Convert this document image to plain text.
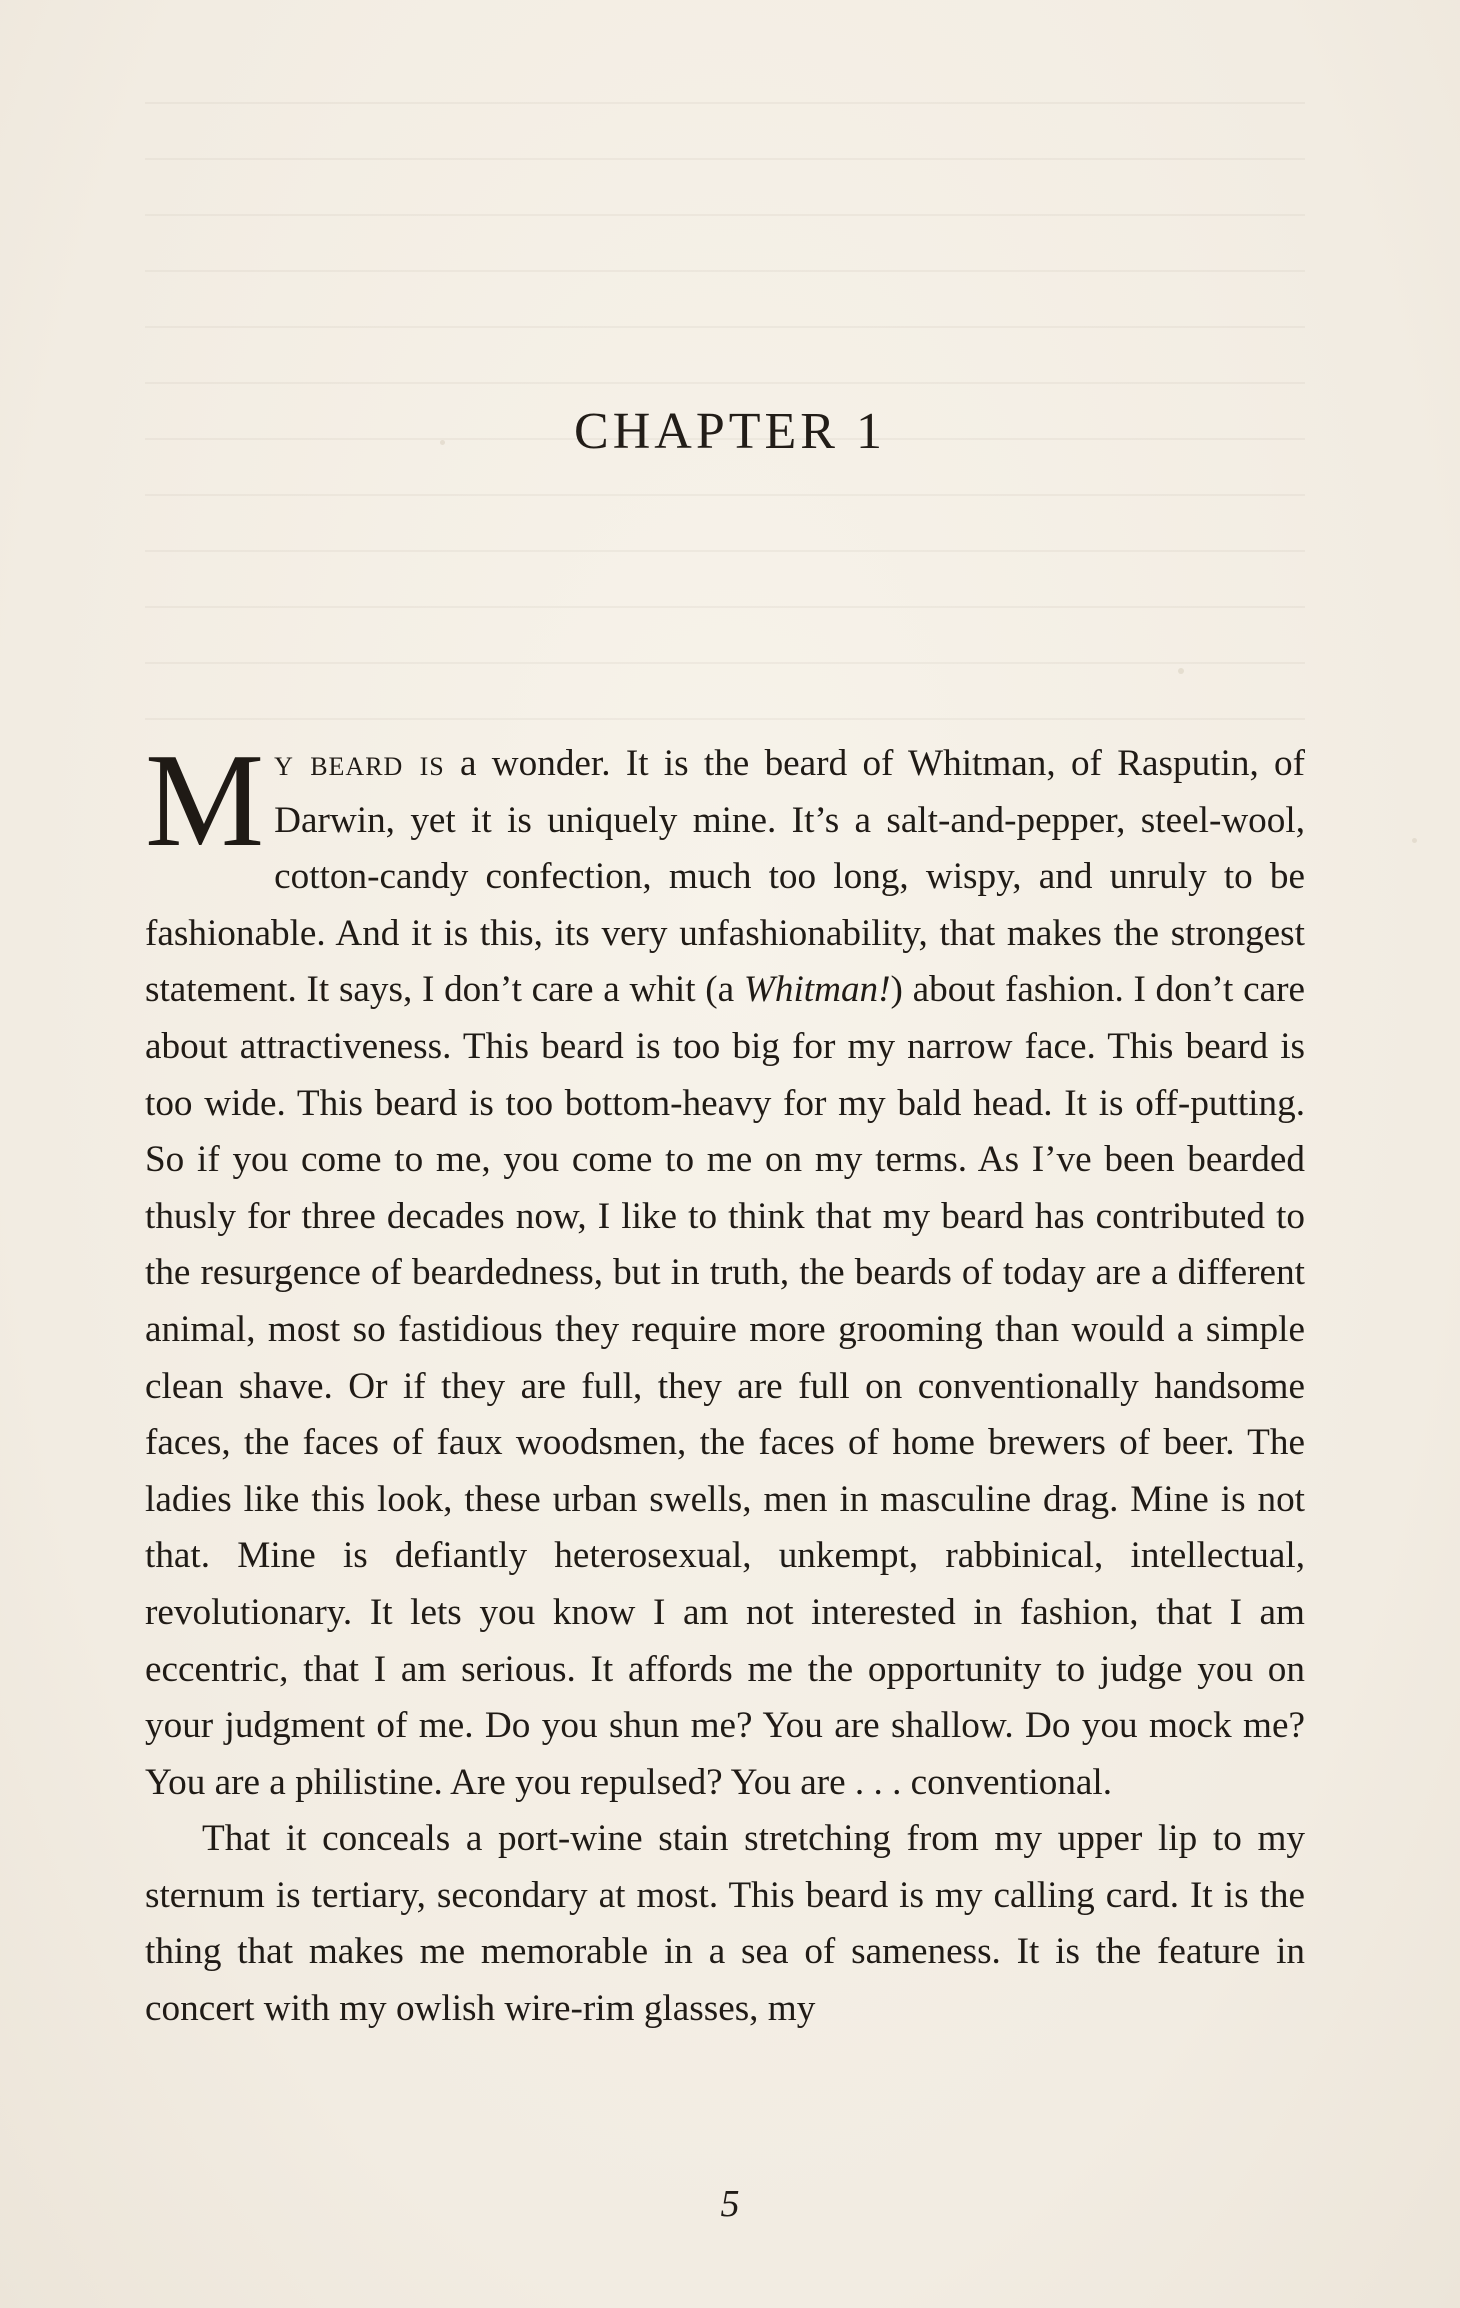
CHAPTER 1

My beard is a wonder. It is the beard of Whitman, of Rasputin, of Darwin, yet it is uniquely mine. It’s a salt-and-pepper, steel-wool, cotton-candy confection, much too long, wispy, and unruly to be fashionable. And it is this, its very unfashionability, that makes the strongest statement. It says, I don’t care a whit (a Whitman!) about fashion. I don’t care about attractiveness. This beard is too big for my narrow face. This beard is too wide. This beard is too bottom-heavy for my bald head. It is off-putting. So if you come to me, you come to me on my terms. As I’ve been bearded thusly for three decades now, I like to think that my beard has contributed to the resurgence of beardedness, but in truth, the beards of today are a different animal, most so fastidious they require more grooming than would a simple clean shave. Or if they are full, they are full on conventionally handsome faces, the faces of faux woodsmen, the faces of home brewers of beer. The ladies like this look, these urban swells, men in masculine drag. Mine is not that. Mine is defiantly heterosexual, unkempt, rabbinical, intellectual, revolutionary. It lets you know I am not interested in fashion, that I am eccentric, that I am serious. It affords me the opportunity to judge you on your judgment of me. Do you shun me? You are shallow. Do you mock me? You are a philistine. Are you repulsed? You are . . . conventional.

That it conceals a port-wine stain stretching from my upper lip to my sternum is tertiary, secondary at most. This beard is my calling card. It is the thing that makes me memorable in a sea of sameness. It is the feature in concert with my owlish wire-rim glasses, my

5
